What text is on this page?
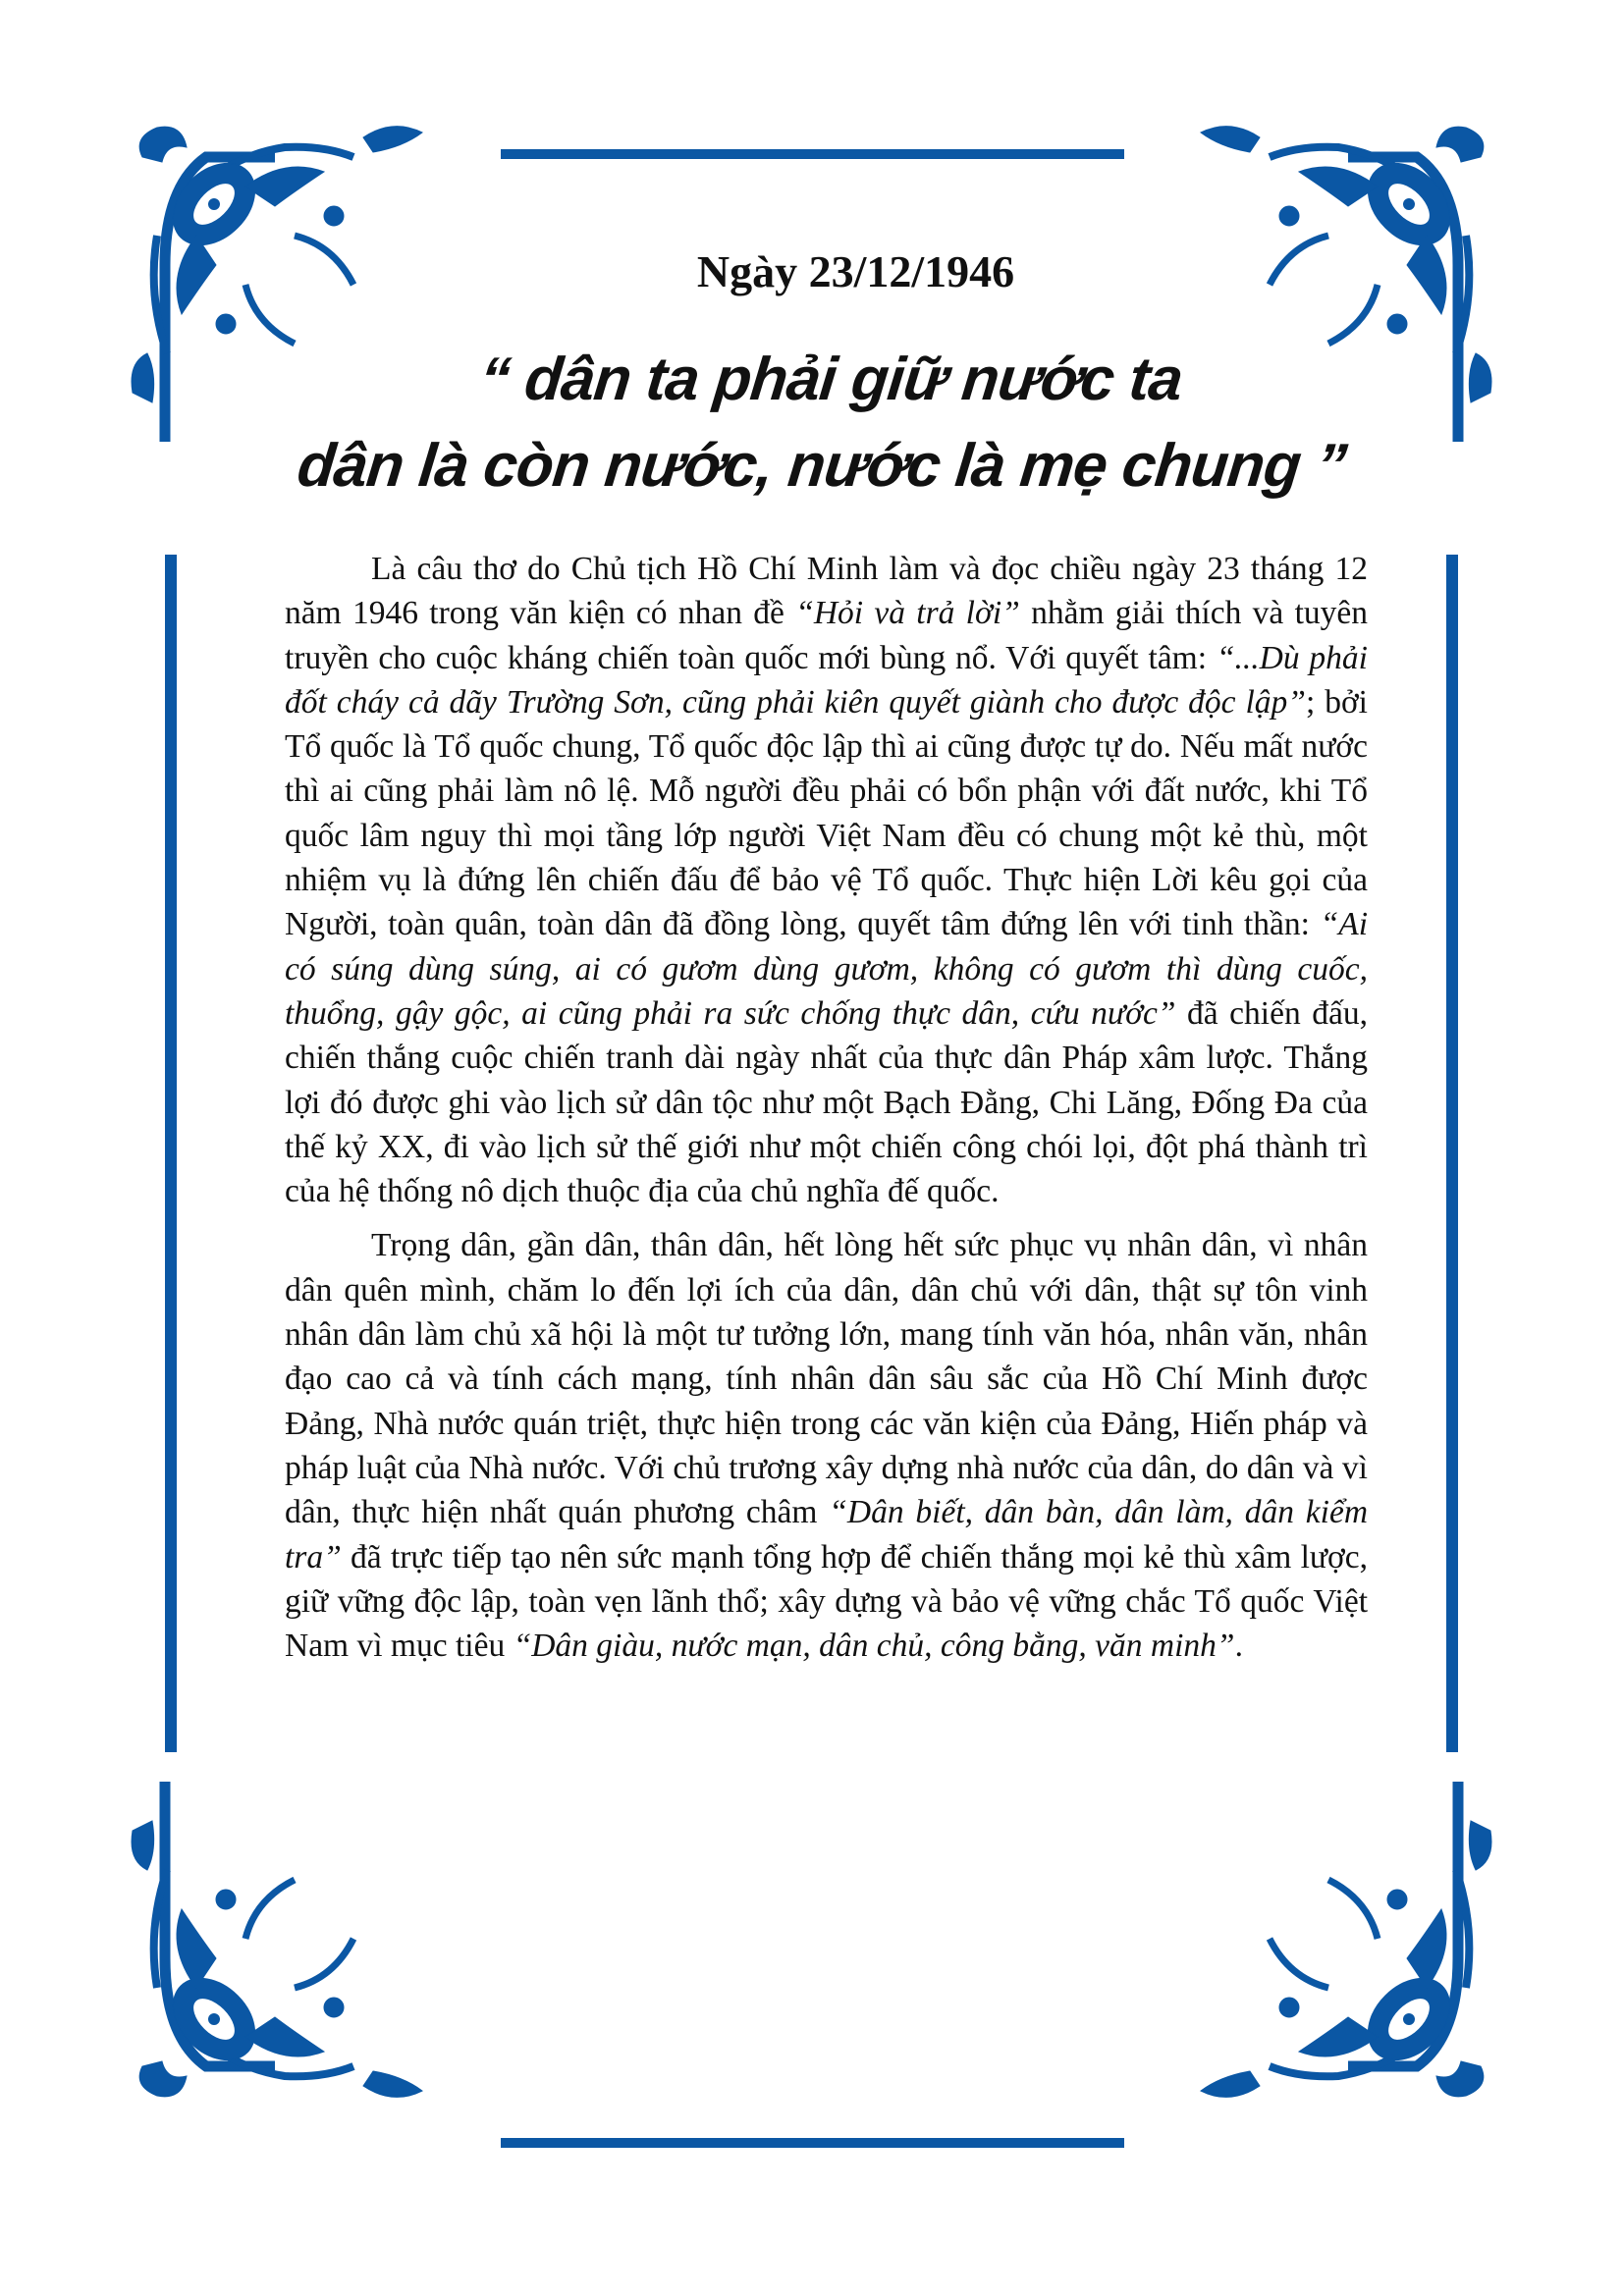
Ngày 23/12/1946
“ dân ta phải giữ nước ta
dân là còn nước, nước là mẹ chung ”

Là câu thơ do Chủ tịch Hồ Chí Minh làm và đọc chiều ngày 23 tháng 12 năm 1946 trong văn kiện có nhan đề “Hỏi và trả lời” nhằm giải thích và tuyên truyền cho cuộc kháng chiến toàn quốc mới bùng nổ. Với quyết tâm: “...Dù phải đốt cháy cả dãy Trường Sơn, cũng phải kiên quyết giành cho được độc lập”; bởi Tổ quốc là Tổ quốc chung, Tổ quốc độc lập thì ai cũng được tự do. Nếu mất nước thì ai cũng phải làm nô lệ. Mỗ người đều phải có bổn phận với đất nước, khi Tổ quốc lâm nguy thì mọi tầng lớp người Việt Nam đều có chung một kẻ thù, một nhiệm vụ là đứng lên chiến đấu để bảo vệ Tổ quốc. Thực hiện Lời kêu gọi của Người, toàn quân, toàn dân đã đồng lòng, quyết tâm đứng lên với tinh thần: “Ai có súng dùng súng, ai có gươm dùng gươm, không có gươm thì dùng cuốc, thuổng, gậy gộc, ai cũng phải ra sức chống thực dân, cứu nước” đã chiến đấu, chiến thắng cuộc chiến tranh dài ngày nhất của thực dân Pháp xâm lược. Thắng lợi đó được ghi vào lịch sử dân tộc như một Bạch Đằng, Chi Lăng, Đống Đa của thế kỷ XX, đi vào lịch sử thế giới như một chiến công chói lọi, đột phá thành trì của hệ thống nô dịch thuộc địa của chủ nghĩa đế quốc.

Trọng dân, gần dân, thân dân, hết lòng hết sức phục vụ nhân dân, vì nhân dân quên mình, chăm lo đến lợi ích của dân, dân chủ với dân, thật sự tôn vinh nhân dân làm chủ xã hội là một tư tưởng lớn, mang tính văn hóa, nhân văn, nhân đạo cao cả và tính cách mạng, tính nhân dân sâu sắc của Hồ Chí Minh được Đảng, Nhà nước quán triệt, thực hiện trong các văn kiện của Đảng, Hiến pháp và pháp luật của Nhà nước. Với chủ trương xây dựng nhà nước của dân, do dân và vì dân, thực hiện nhất quán phương châm “Dân biết, dân bàn, dân làm, dân kiểm tra” đã trực tiếp tạo nên sức mạnh tổng hợp để chiến thắng mọi kẻ thù xâm lược, giữ vững độc lập, toàn vẹn lãnh thổ; xây dựng và bảo vệ vững chắc Tổ quốc Việt Nam vì mục tiêu “Dân giàu, nước mạn, dân chủ, công bằng, văn minh”.
